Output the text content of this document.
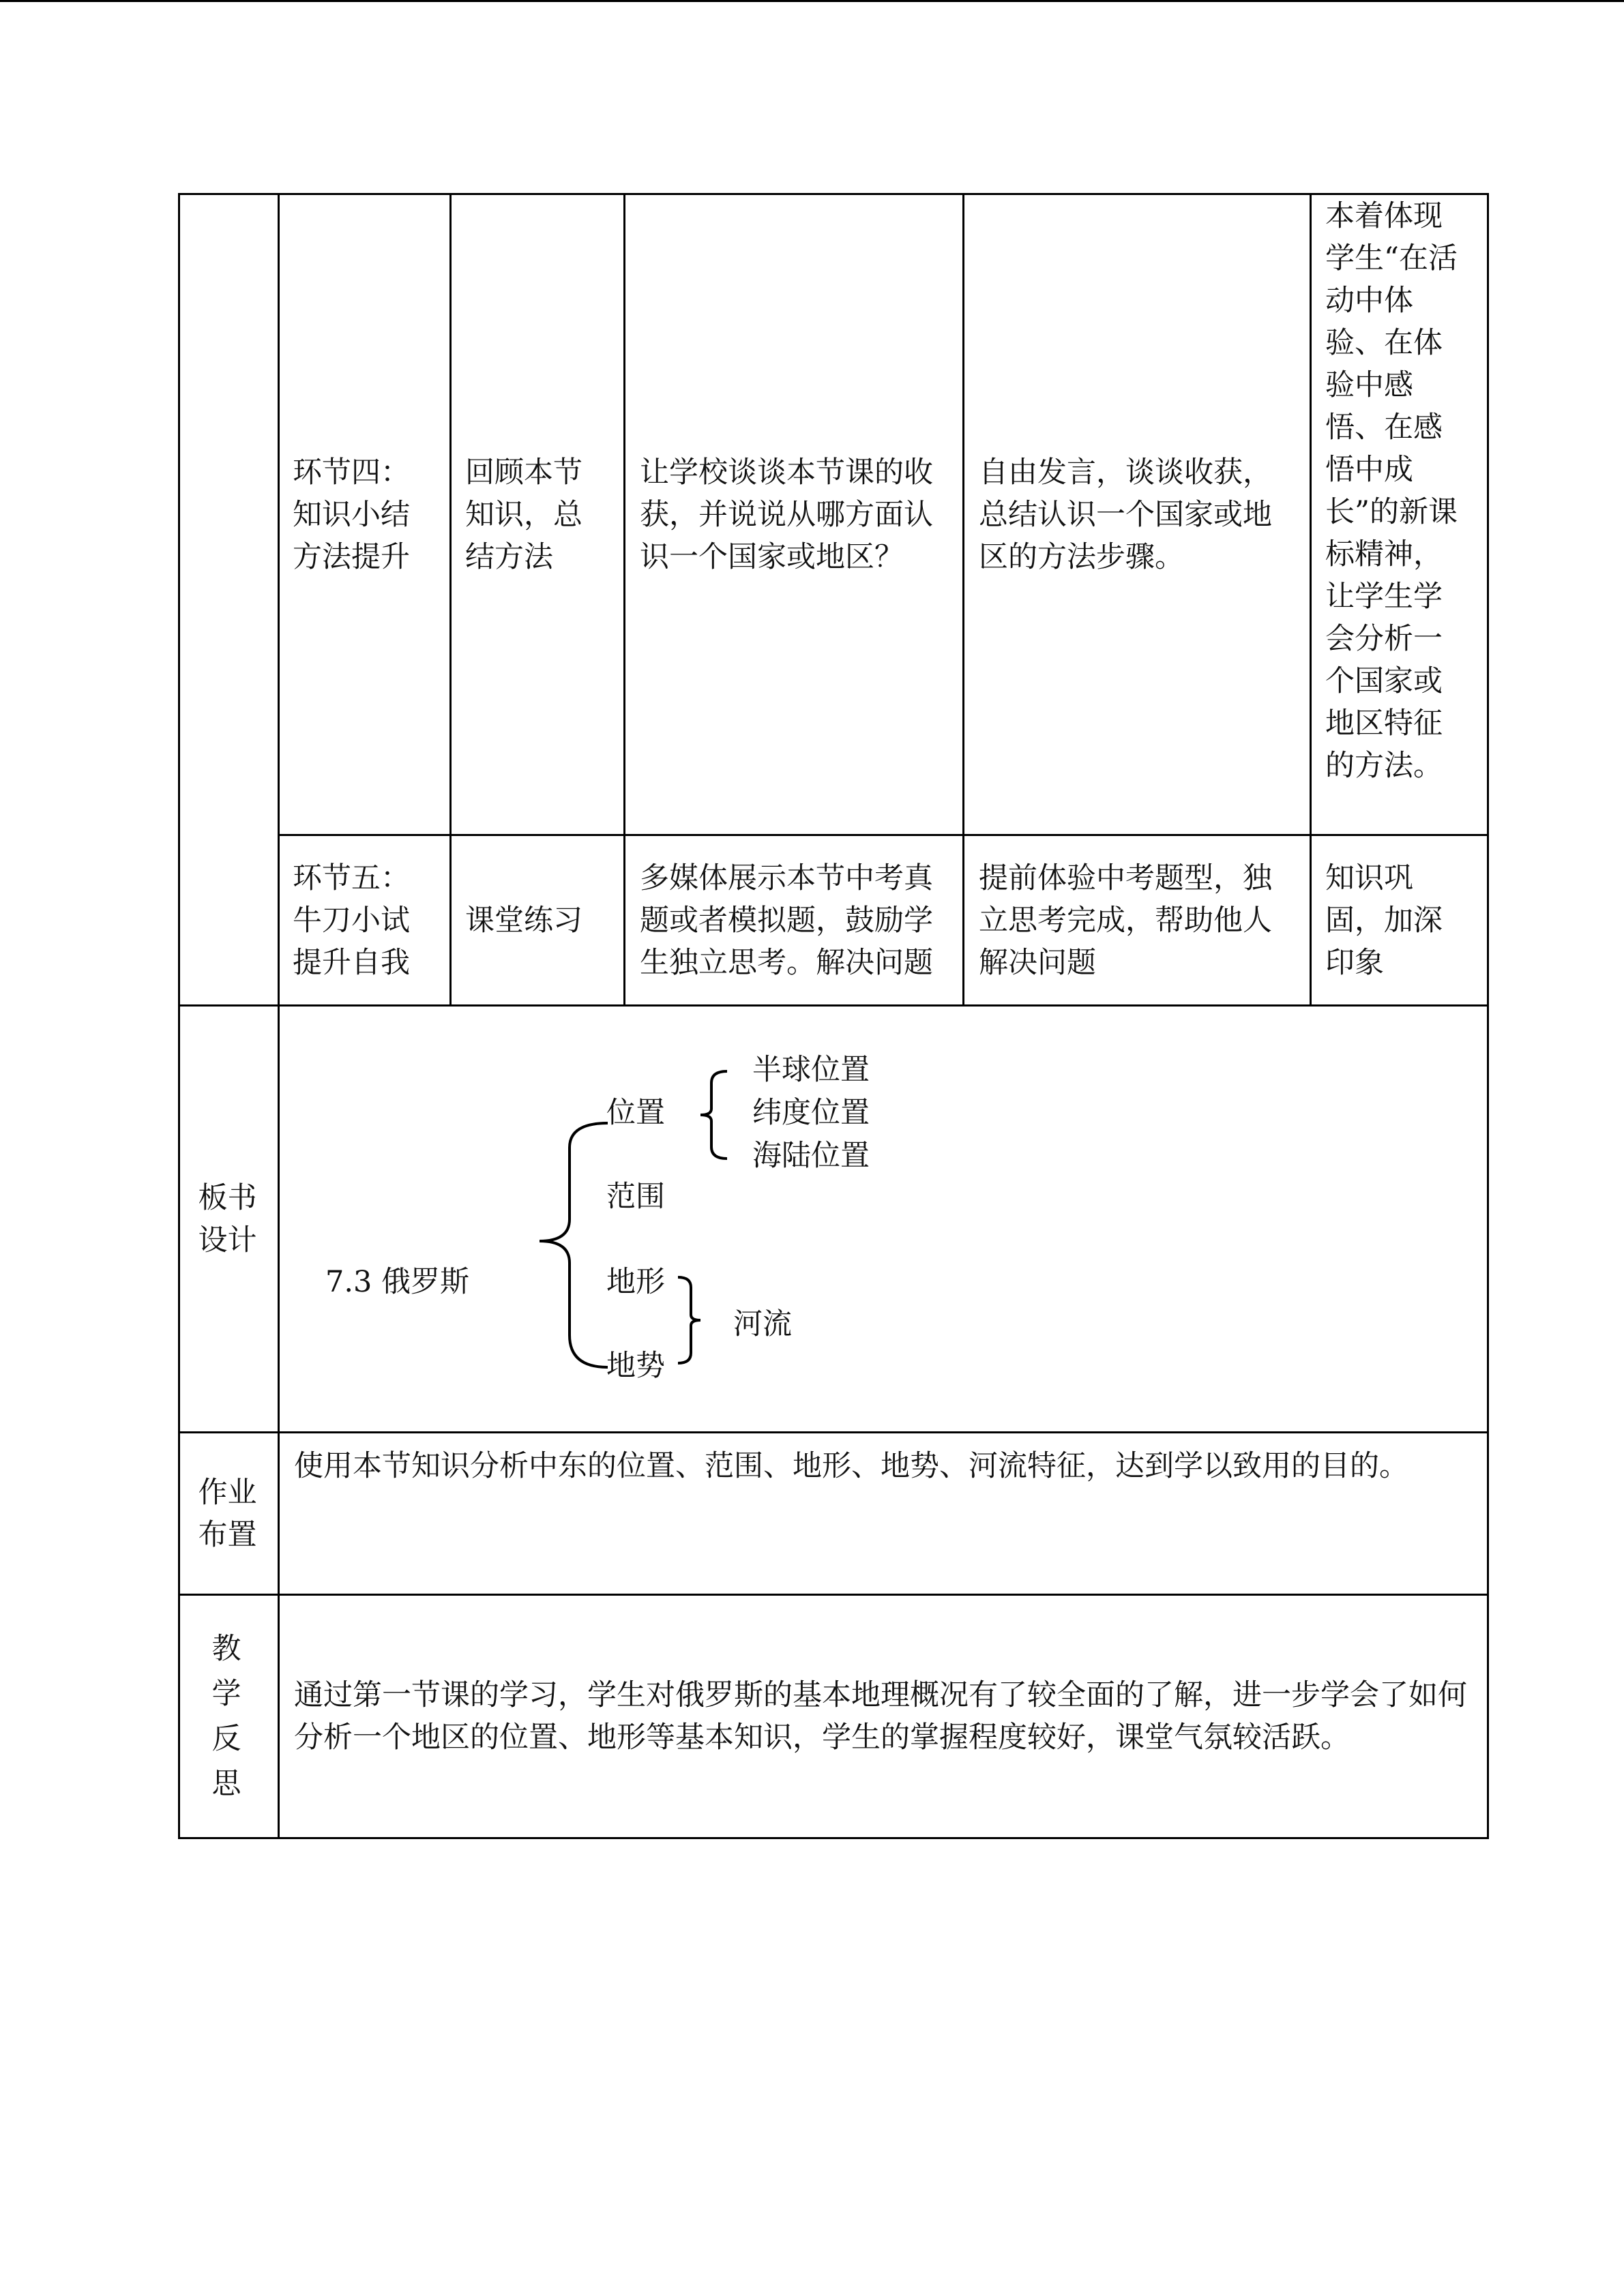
环节四：知识小结方法提升
回顾本节知识，总结方法
让学校谈谈本节课的收获，并说说从哪方面认识一个国家或地区？
自由发言，谈谈收获，总结认识一个国家或地区的方法步骤。
本着体现学生“在活动中体验、在体验中感悟、在感悟中成长”的新课标精神，让学生学会分析一个国家或地区特征的方法。
环节五：牛刀小试提升自我
课堂练习
多媒体展示本节中考真题或者模拟题，鼓励学生独立思考。解决问题
提前体验中考题型，独立思考完成，帮助他人解决问题
知识巩固，加深印象
板书设计
7.3 俄罗斯
位置
半球位置
纬度位置
海陆位置
范围
地形
地势
河流
作业布置
使用本节知识分析中东的位置、范围、地形、地势、河流特征，达到学以致用的目的。
教学反思
通过第一节课的学习，学生对俄罗斯的基本地理概况有了较全面的了解，进一步学会了如何分析一个地区的位置、地形等基本知识，学生的掌握程度较好，课堂气氛较活跃。
